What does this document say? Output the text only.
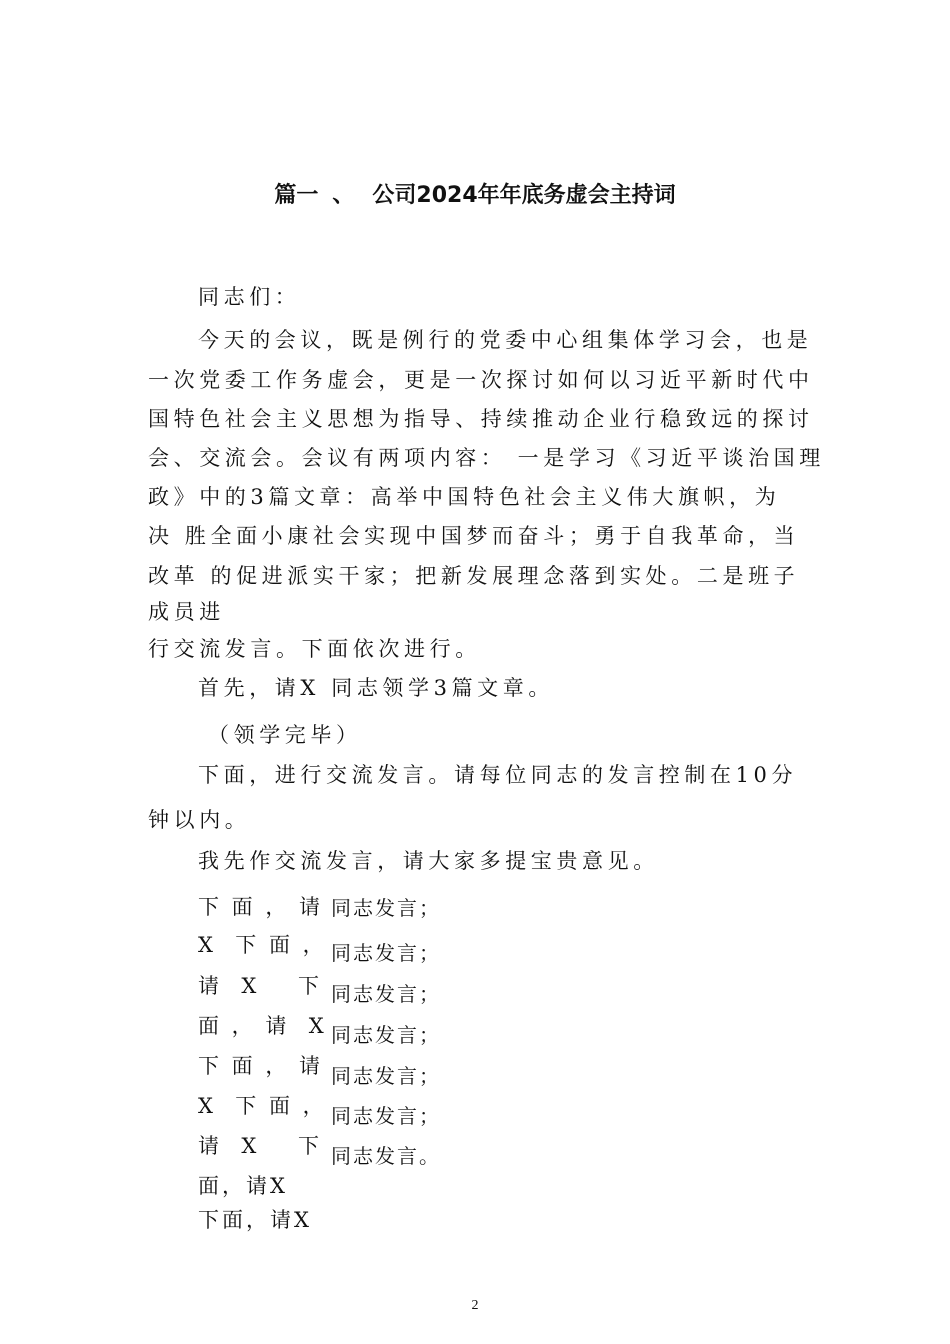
篇一 、 公司2024年年底务虚会主持词
同志们：
今天的会议，既是例行的党委中心组集体学习会，也是
一次党委工作务虚会，更是一次探讨如何以习近平新时代中
国特色社会主义思想为指导、持续推动企业行稳致远的探讨
会、交流会。会议有两项内容： 一是学习《习近平谈治国理
政》中的3篇文章：高举中国特色社会主义伟大旗帜，为
决 胜全面小康社会实现中国梦而奋斗；勇于自我革命，当
改革 的促进派实干家；把新发展理念落到实处。二是班子
成员进
行交流发言。下面依次进行。
首先，请X 同志领学3篇文章。
（领学完毕）
下面，进行交流发言。请每位同志的发言控制在10分
钟以内。
我先作交流发言，请大家多提宝贵意见。
下 面 ， 请
X  下 面 ，
请  X    下
面 ， 请  X
下 面 ， 请
X  下 面 ，
请  X    下
面，请X
下面，请X
同志发言；
同志发言；
同志发言；
同志发言；
同志发言；
同志发言；
同志发言。
2
